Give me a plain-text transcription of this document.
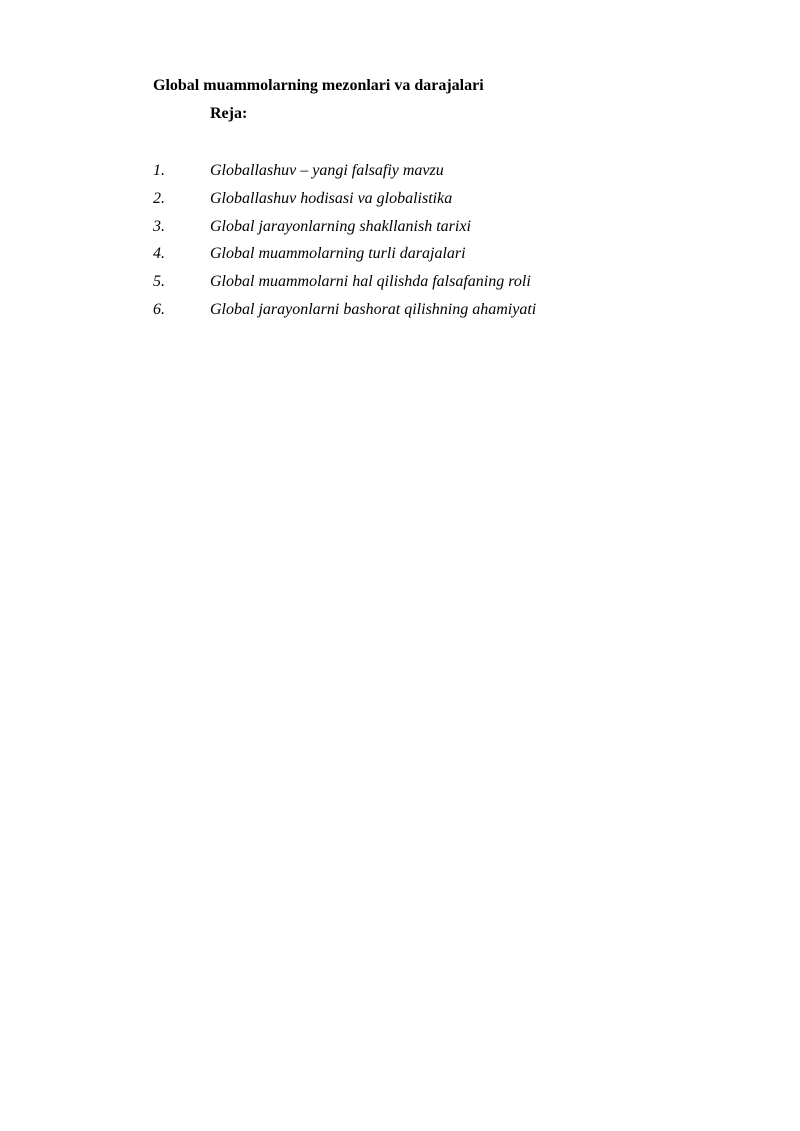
Global muammolarning mezonlari va darajalari
Reja:
1.	Globallashuv – yangi falsafiy mavzu
2.	Globallashuv hodisasi va globalistika
3.	Global jarayonlarning shakllanish tarixi
4.	Global muammolarning turli darajalari
5.	Global muammolarni hal qilishda falsafaning roli
6.	Global jarayonlarni bashorat qilishning ahamiyati
